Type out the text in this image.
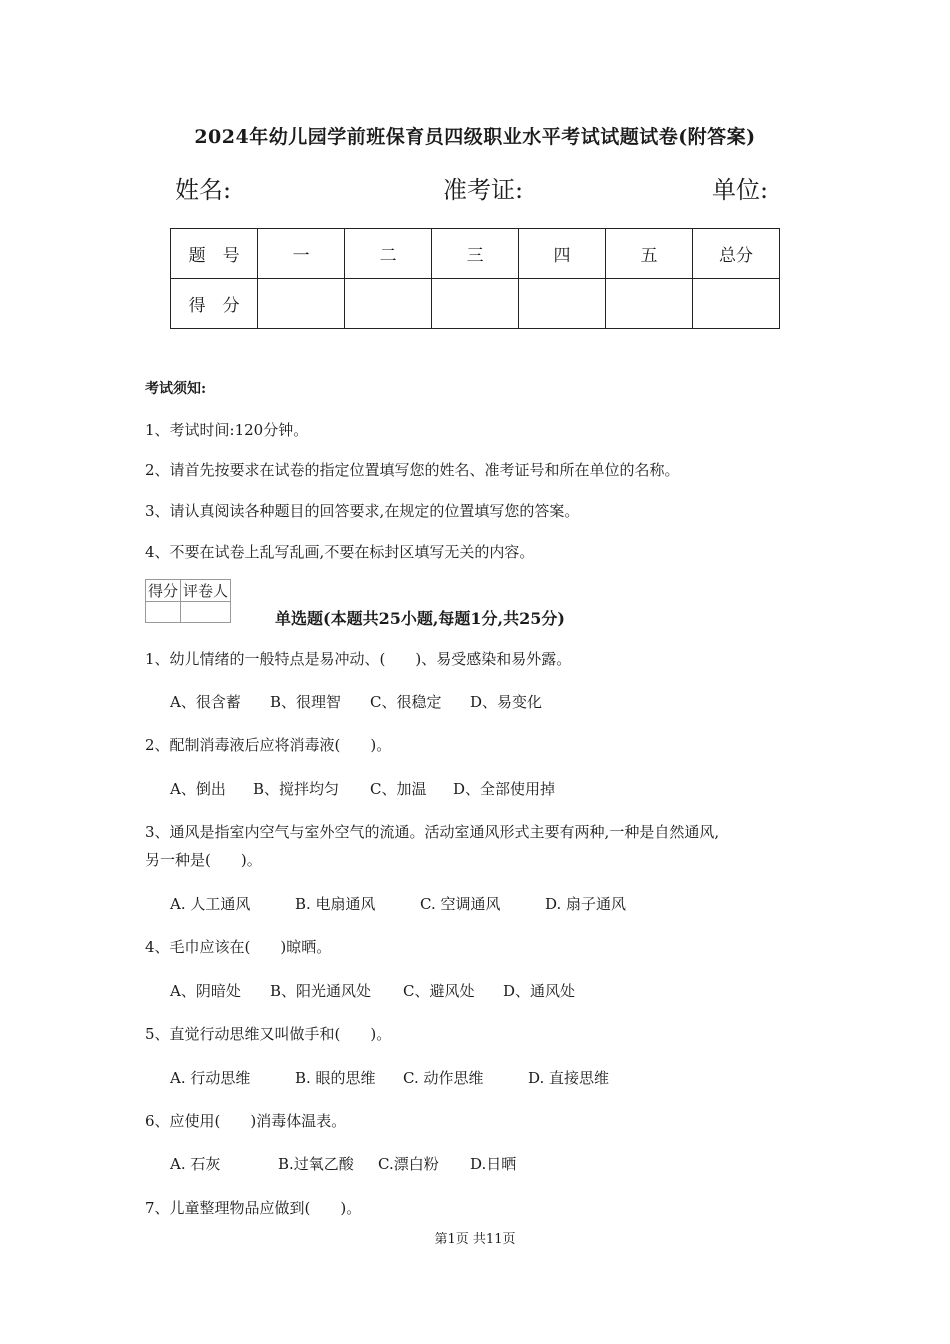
2024年幼儿园学前班保育员四级职业水平考试试题试卷(附答案)
姓名:	准考证:	单位:
题　号	一	二	三	四	五	总分
得　分						
考试须知:
1、考试时间:120分钟。
2、请首先按要求在试卷的指定位置填写您的姓名、准考证号和所在单位的名称。
3、请认真阅读各种题目的回答要求,在规定的位置填写您的答案。
4、不要在试卷上乱写乱画,不要在标封区填写无关的内容。
得分	评卷人

单选题(本题共25小题,每题1分,共25分)
1、幼儿情绪的一般特点是易冲动、(　　)、易受感染和易外露。
A、很含蓄 B、很理智 C、很稳定 D、易变化
2、配制消毒液后应将消毒液(　　)。
A、倒出 B、搅拌均匀 C、加温 D、全部使用掉
3、通风是指室内空气与室外空气的流通。活动室通风形式主要有两种,一种是自然通风,
另一种是(　　)。
A. 人工通风	B. 电扇通风	C. 空调通风	D. 扇子通风
4、毛巾应该在(　　)晾晒。
A、阴暗处 B、阳光通风处 C、避风处 D、通风处
5、直觉行动思维又叫做手和(　　)。
A. 行动思维	B. 眼的思维 C. 动作思维	D. 直接思维
6、应使用(　　)消毒体温表。
A. 石灰	B.过氧乙酸 C.漂白粉 D.日晒
7、儿童整理物品应做到(　　)。
第1页 共11页
